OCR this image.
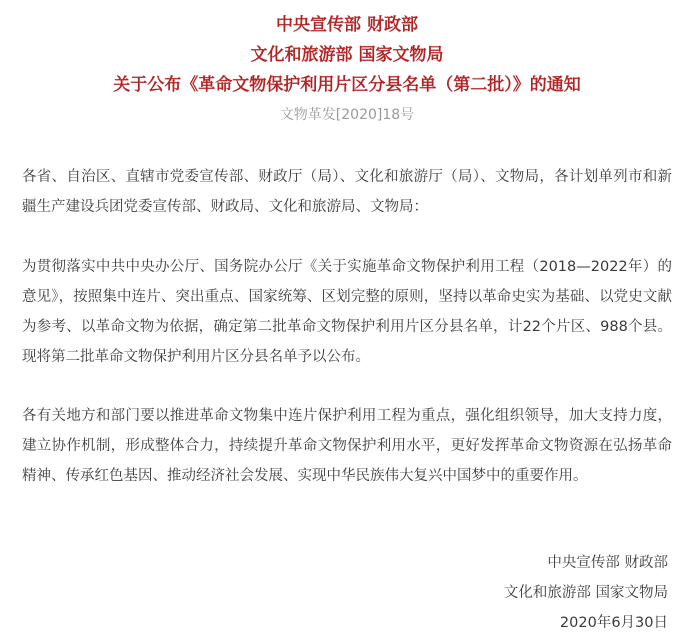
中央宣传部 财政部
文化和旅游部 国家文物局
关于公布《革命文物保护利用片区分县名单（第二批）》的通知
文物革发[2020]18号

各省、自治区、直辖市党委宣传部、财政厅（局）、文化和旅游厅（局）、文物局，各计划单列市和新疆生产建设兵团党委宣传部、财政局、文化和旅游局、文物局：

为贯彻落实中共中央办公厅、国务院办公厅《关于实施革命文物保护利用工程（2018—2022年）的意见》，按照集中连片、突出重点、国家统筹、区划完整的原则，坚持以革命史实为基础、以党史文献为参考、以革命文物为依据，确定第二批革命文物保护利用片区分县名单，计22个片区、988个县。现将第二批革命文物保护利用片区分县名单予以公布。

各有关地方和部门要以推进革命文物集中连片保护利用工程为重点，强化组织领导，加大支持力度，建立协作机制，形成整体合力，持续提升革命文物保护利用水平，更好发挥革命文物资源在弘扬革命精神、传承红色基因、推动经济社会发展、实现中华民族伟大复兴中国梦中的重要作用。

中央宣传部 财政部
文化和旅游部 国家文物局
2020年6月30日
